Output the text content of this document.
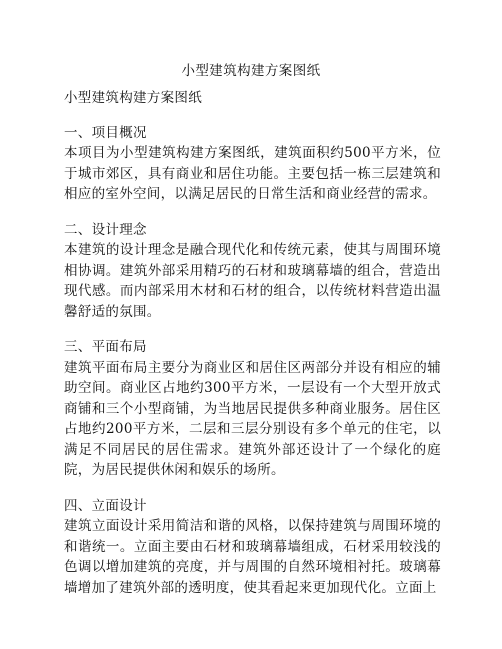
小型建筑构建方案图纸
小型建筑构建方案图纸
一、项目概况

本项目为小型建筑构建方案图纸，建筑面积约500平方米，位于城市郊区，具有商业和居住功能。主要包括一栋三层建筑和相应的室外空间，以满足居民的日常生活和商业经营的需求。

二、设计理念

本建筑的设计理念是融合现代化和传统元素，使其与周围环境相协调。建筑外部采用精巧的石材和玻璃幕墙的组合，营造出现代感。而内部采用木材和石材的组合，以传统材料营造出温馨舒适的氛围。

三、平面布局

建筑平面布局主要分为商业区和居住区两部分并设有相应的辅助空间。商业区占地约300平方米，一层设有一个大型开放式商铺和三个小型商铺，为当地居民提供多种商业服务。居住区占地约200平方米，二层和三层分别设有多个单元的住宅，以满足不同居民的居住需求。建筑外部还设计了一个绿化的庭院，为居民提供休闲和娱乐的场所。

四、立面设计

建筑立面设计采用简洁和谐的风格，以保持建筑与周围环境的和谐统一。立面主要由石材和玻璃幕墙组成，石材采用较浅的色调以增加建筑的亮度，并与周围的自然环境相衬托。玻璃幕墙增加了建筑外部的透明度，使其看起来更加现代化。立面上
